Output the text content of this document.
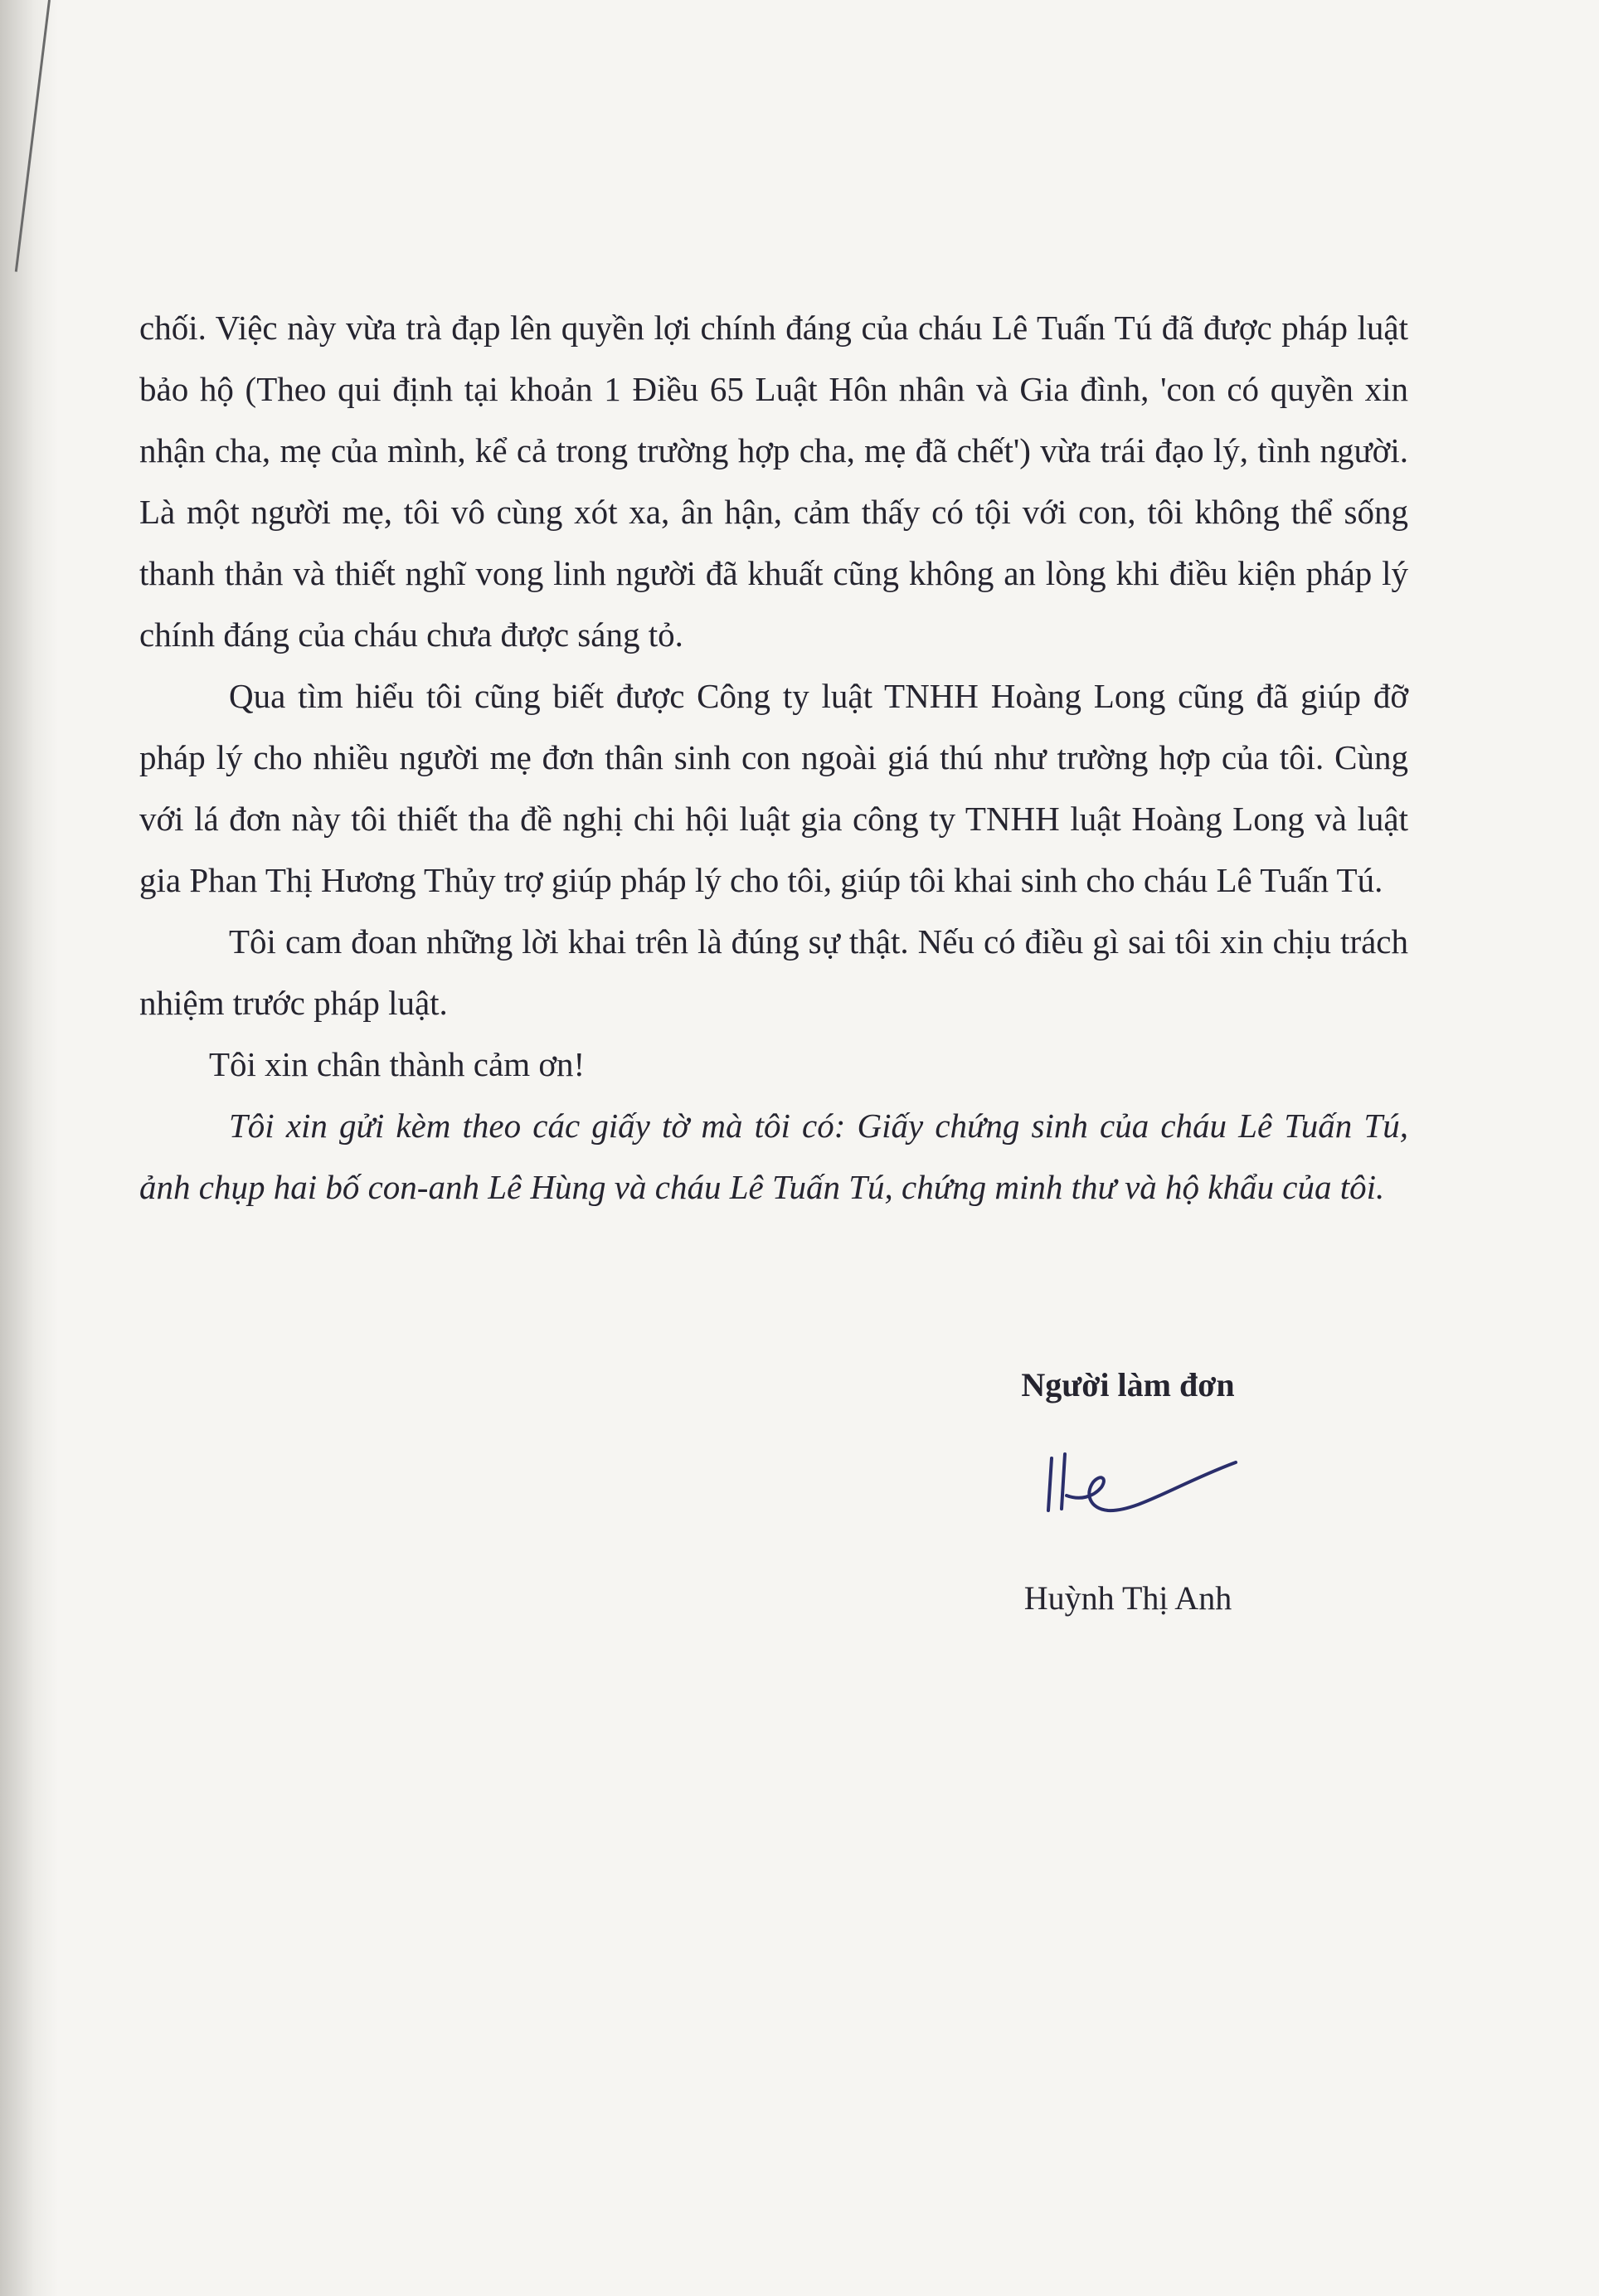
chối. Việc này vừa trà đạp lên quyền lợi chính đáng của cháu Lê Tuấn Tú đã được pháp luật bảo hộ (Theo qui định tại khoản 1 Điều 65 Luật Hôn nhân và Gia đình, 'con có quyền xin nhận cha, mẹ của mình, kể cả trong trường hợp cha, mẹ đã chết') vừa trái đạo lý, tình người. Là một người mẹ, tôi vô cùng xót xa, ân hận, cảm thấy có tội với con, tôi không thể sống thanh thản và thiết nghĩ vong linh người đã khuất cũng không an lòng khi điều kiện pháp lý chính đáng của cháu chưa được sáng tỏ.

Qua tìm hiểu tôi cũng biết được Công ty luật TNHH Hoàng Long cũng đã giúp đỡ pháp lý cho nhiều người mẹ đơn thân sinh con ngoài giá thú như trường hợp của tôi. Cùng với lá đơn này tôi thiết tha đề nghị chi hội luật gia công ty TNHH luật Hoàng Long và luật gia Phan Thị Hương Thủy trợ giúp pháp lý cho tôi, giúp tôi khai sinh cho cháu Lê Tuấn Tú.

Tôi cam đoan những lời khai trên là đúng sự thật. Nếu có điều gì sai tôi xin chịu trách nhiệm trước pháp luật.

Tôi xin chân thành cảm ơn!

Tôi xin gửi kèm theo các giấy tờ mà tôi có: Giấy chứng sinh của cháu Lê Tuấn Tú, ảnh chụp hai bố con-anh Lê Hùng và cháu Lê Tuấn Tú, chứng minh thư và hộ khẩu của tôi.

Người làm đơn
Huỳnh Thị Anh
